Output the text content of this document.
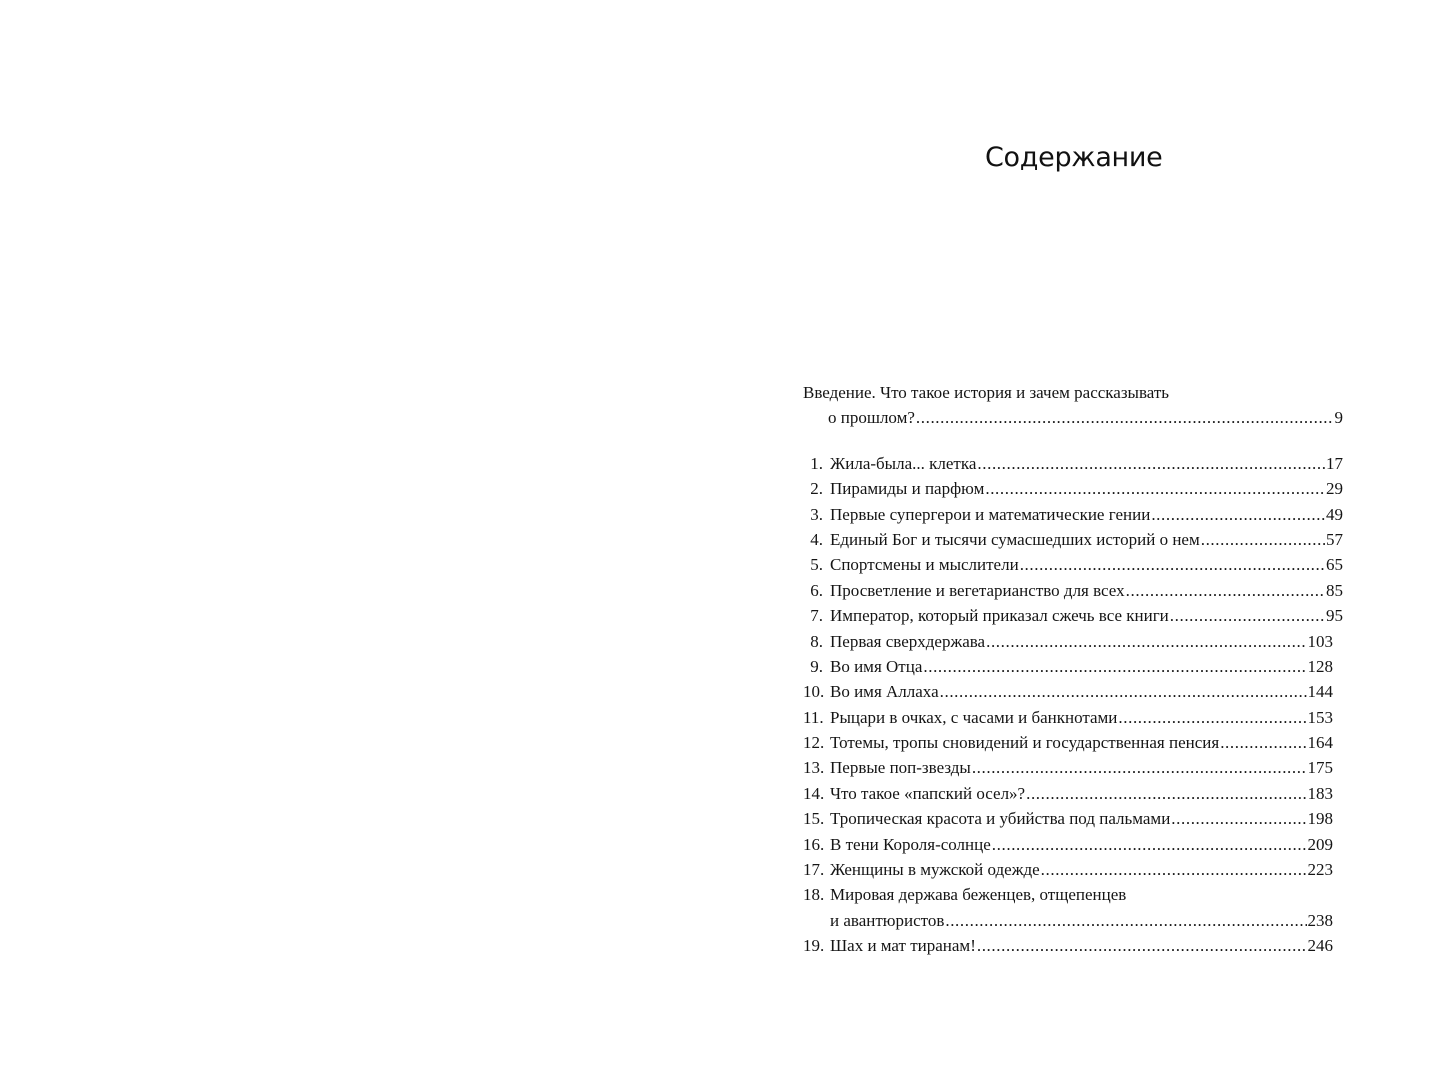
Содержание
Введение. Что такое история и зачем рассказывать
о прошлом? .....	9
1. Жила-была... клетка .....	17
2. Пирамиды и парфюм .....	29
3. Первые супергерои и математические гении .....	49
4. Единый Бог и тысячи сумасшедших историй о нем .....	57
5. Спортсмены и мыслители .....	65
6. Просветление и вегетарианство для всех .....	85
7. Император, который приказал сжечь все книги .....	95
8. Первая сверхдержава .....	103
9. Во имя Отца .....	128
10. Во имя Аллаха .....	144
11. Рыцари в очках, с часами и банкнотами .....	153
12. Тотемы, тропы сновидений и государственная пенсия .....	164
13. Первые поп-звезды .....	175
14. Что такое «папский осел»? .....	183
15. Тропическая красота и убийства под пальмами .....	198
16. В тени Короля-солнце .....	209
17. Женщины в мужской одежде .....	223
18. Мировая держава беженцев, отщепенцев
и авантюристов .....	238
19. Шах и мат тиранам! .....	246
